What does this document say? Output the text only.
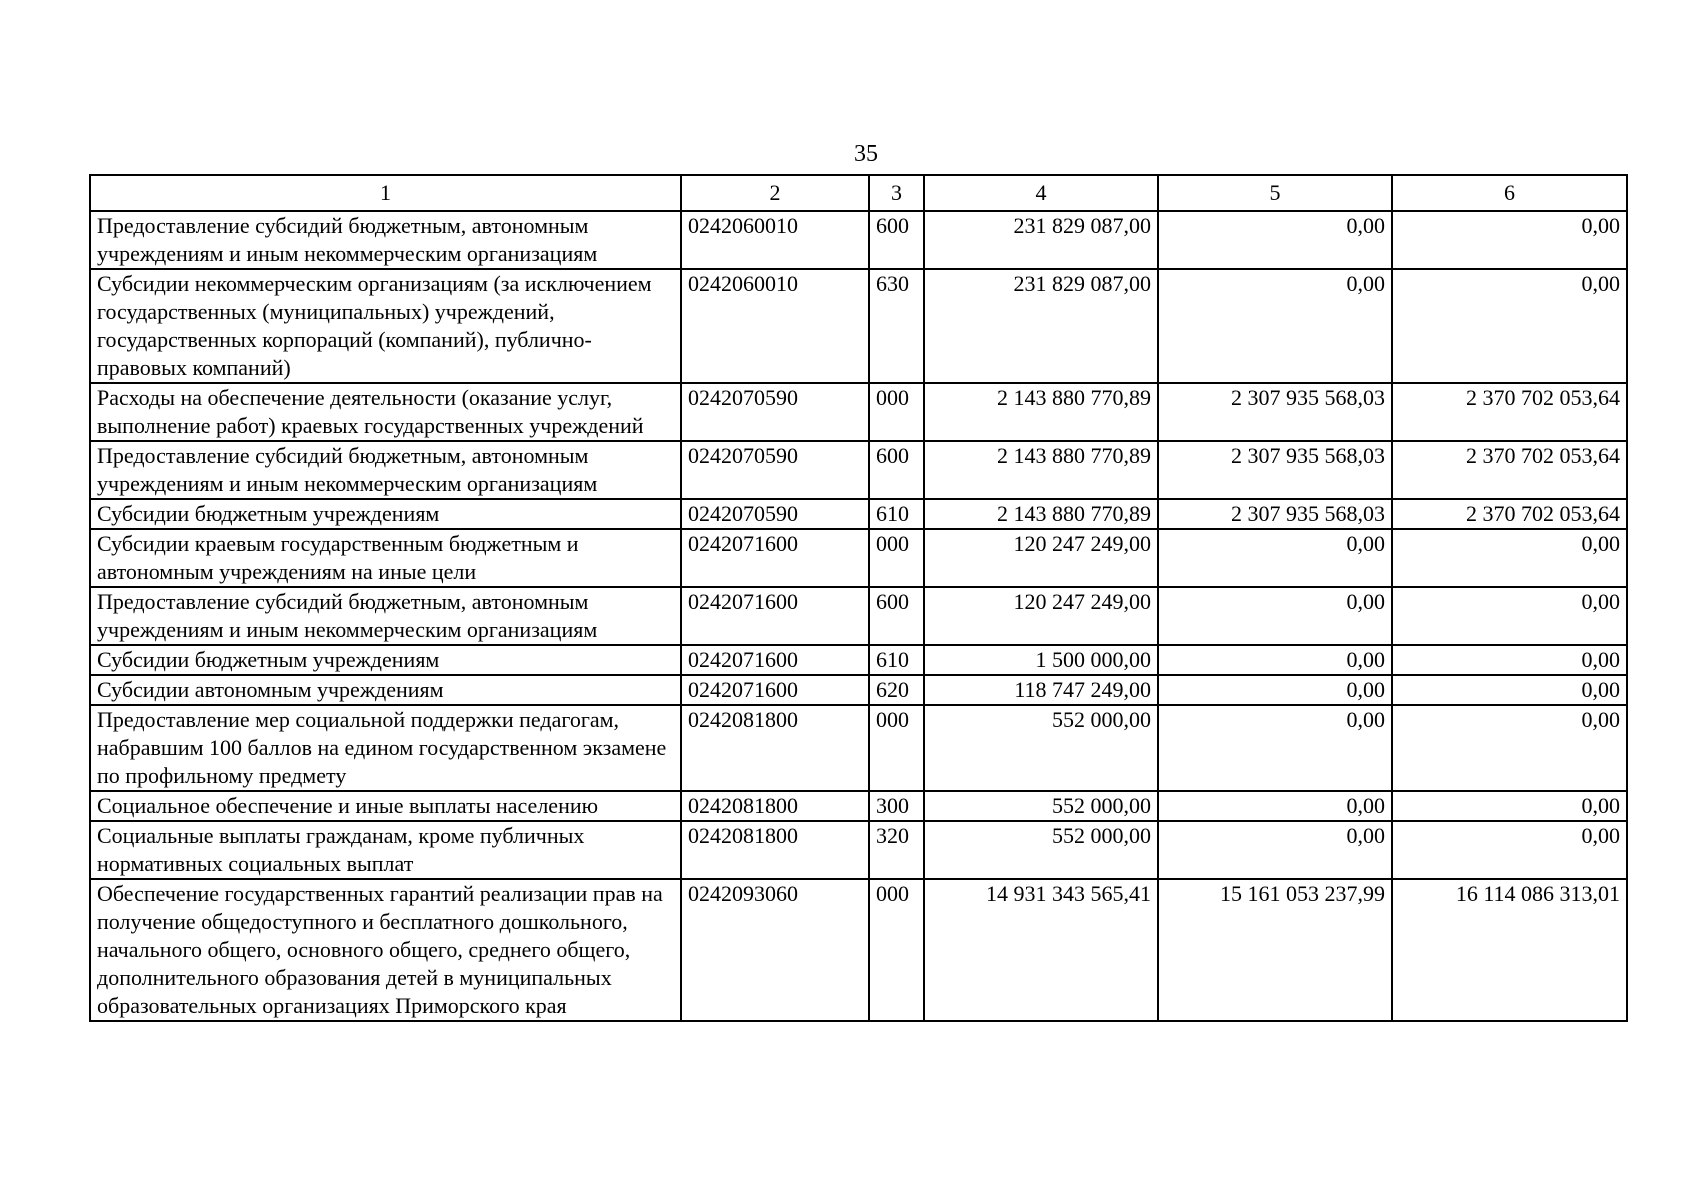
35
1	2	3	4	5	6
Предоставление субсидий бюджетным, автономным учреждениям и иным некоммерческим организациям	0242060010	600	231 829 087,00	0,00	0,00
Субсидии некоммерческим организациям (за исключением государственных (муниципальных) учреждений, государственных корпораций (компаний), публично-правовых компаний)	0242060010	630	231 829 087,00	0,00	0,00
Расходы на обеспечение деятельности (оказание услуг, выполнение работ) краевых государственных учреждений	0242070590	000	2 143 880 770,89	2 307 935 568,03	2 370 702 053,64
Предоставление субсидий бюджетным, автономным учреждениям и иным некоммерческим организациям	0242070590	600	2 143 880 770,89	2 307 935 568,03	2 370 702 053,64
Субсидии бюджетным учреждениям	0242070590	610	2 143 880 770,89	2 307 935 568,03	2 370 702 053,64
Субсидии краевым государственным бюджетным и автономным учреждениям на иные цели	0242071600	000	120 247 249,00	0,00	0,00
Предоставление субсидий бюджетным, автономным учреждениям и иным некоммерческим организациям	0242071600	600	120 247 249,00	0,00	0,00
Субсидии бюджетным учреждениям	0242071600	610	1 500 000,00	0,00	0,00
Субсидии автономным учреждениям	0242071600	620	118 747 249,00	0,00	0,00
Предоставление мер социальной поддержки педагогам, набравшим 100 баллов на едином государственном экзамене по профильному предмету	0242081800	000	552 000,00	0,00	0,00
Социальное обеспечение и иные выплаты населению	0242081800	300	552 000,00	0,00	0,00
Социальные выплаты гражданам, кроме публичных нормативных социальных выплат	0242081800	320	552 000,00	0,00	0,00
Обеспечение государственных гарантий реализации прав на получение общедоступного и бесплатного дошкольного, начального общего, основного общего, среднего общего, дополнительного образования детей в муниципальных образовательных организациях Приморского края	0242093060	000	14 931 343 565,41	15 161 053 237,99	16 114 086 313,01
